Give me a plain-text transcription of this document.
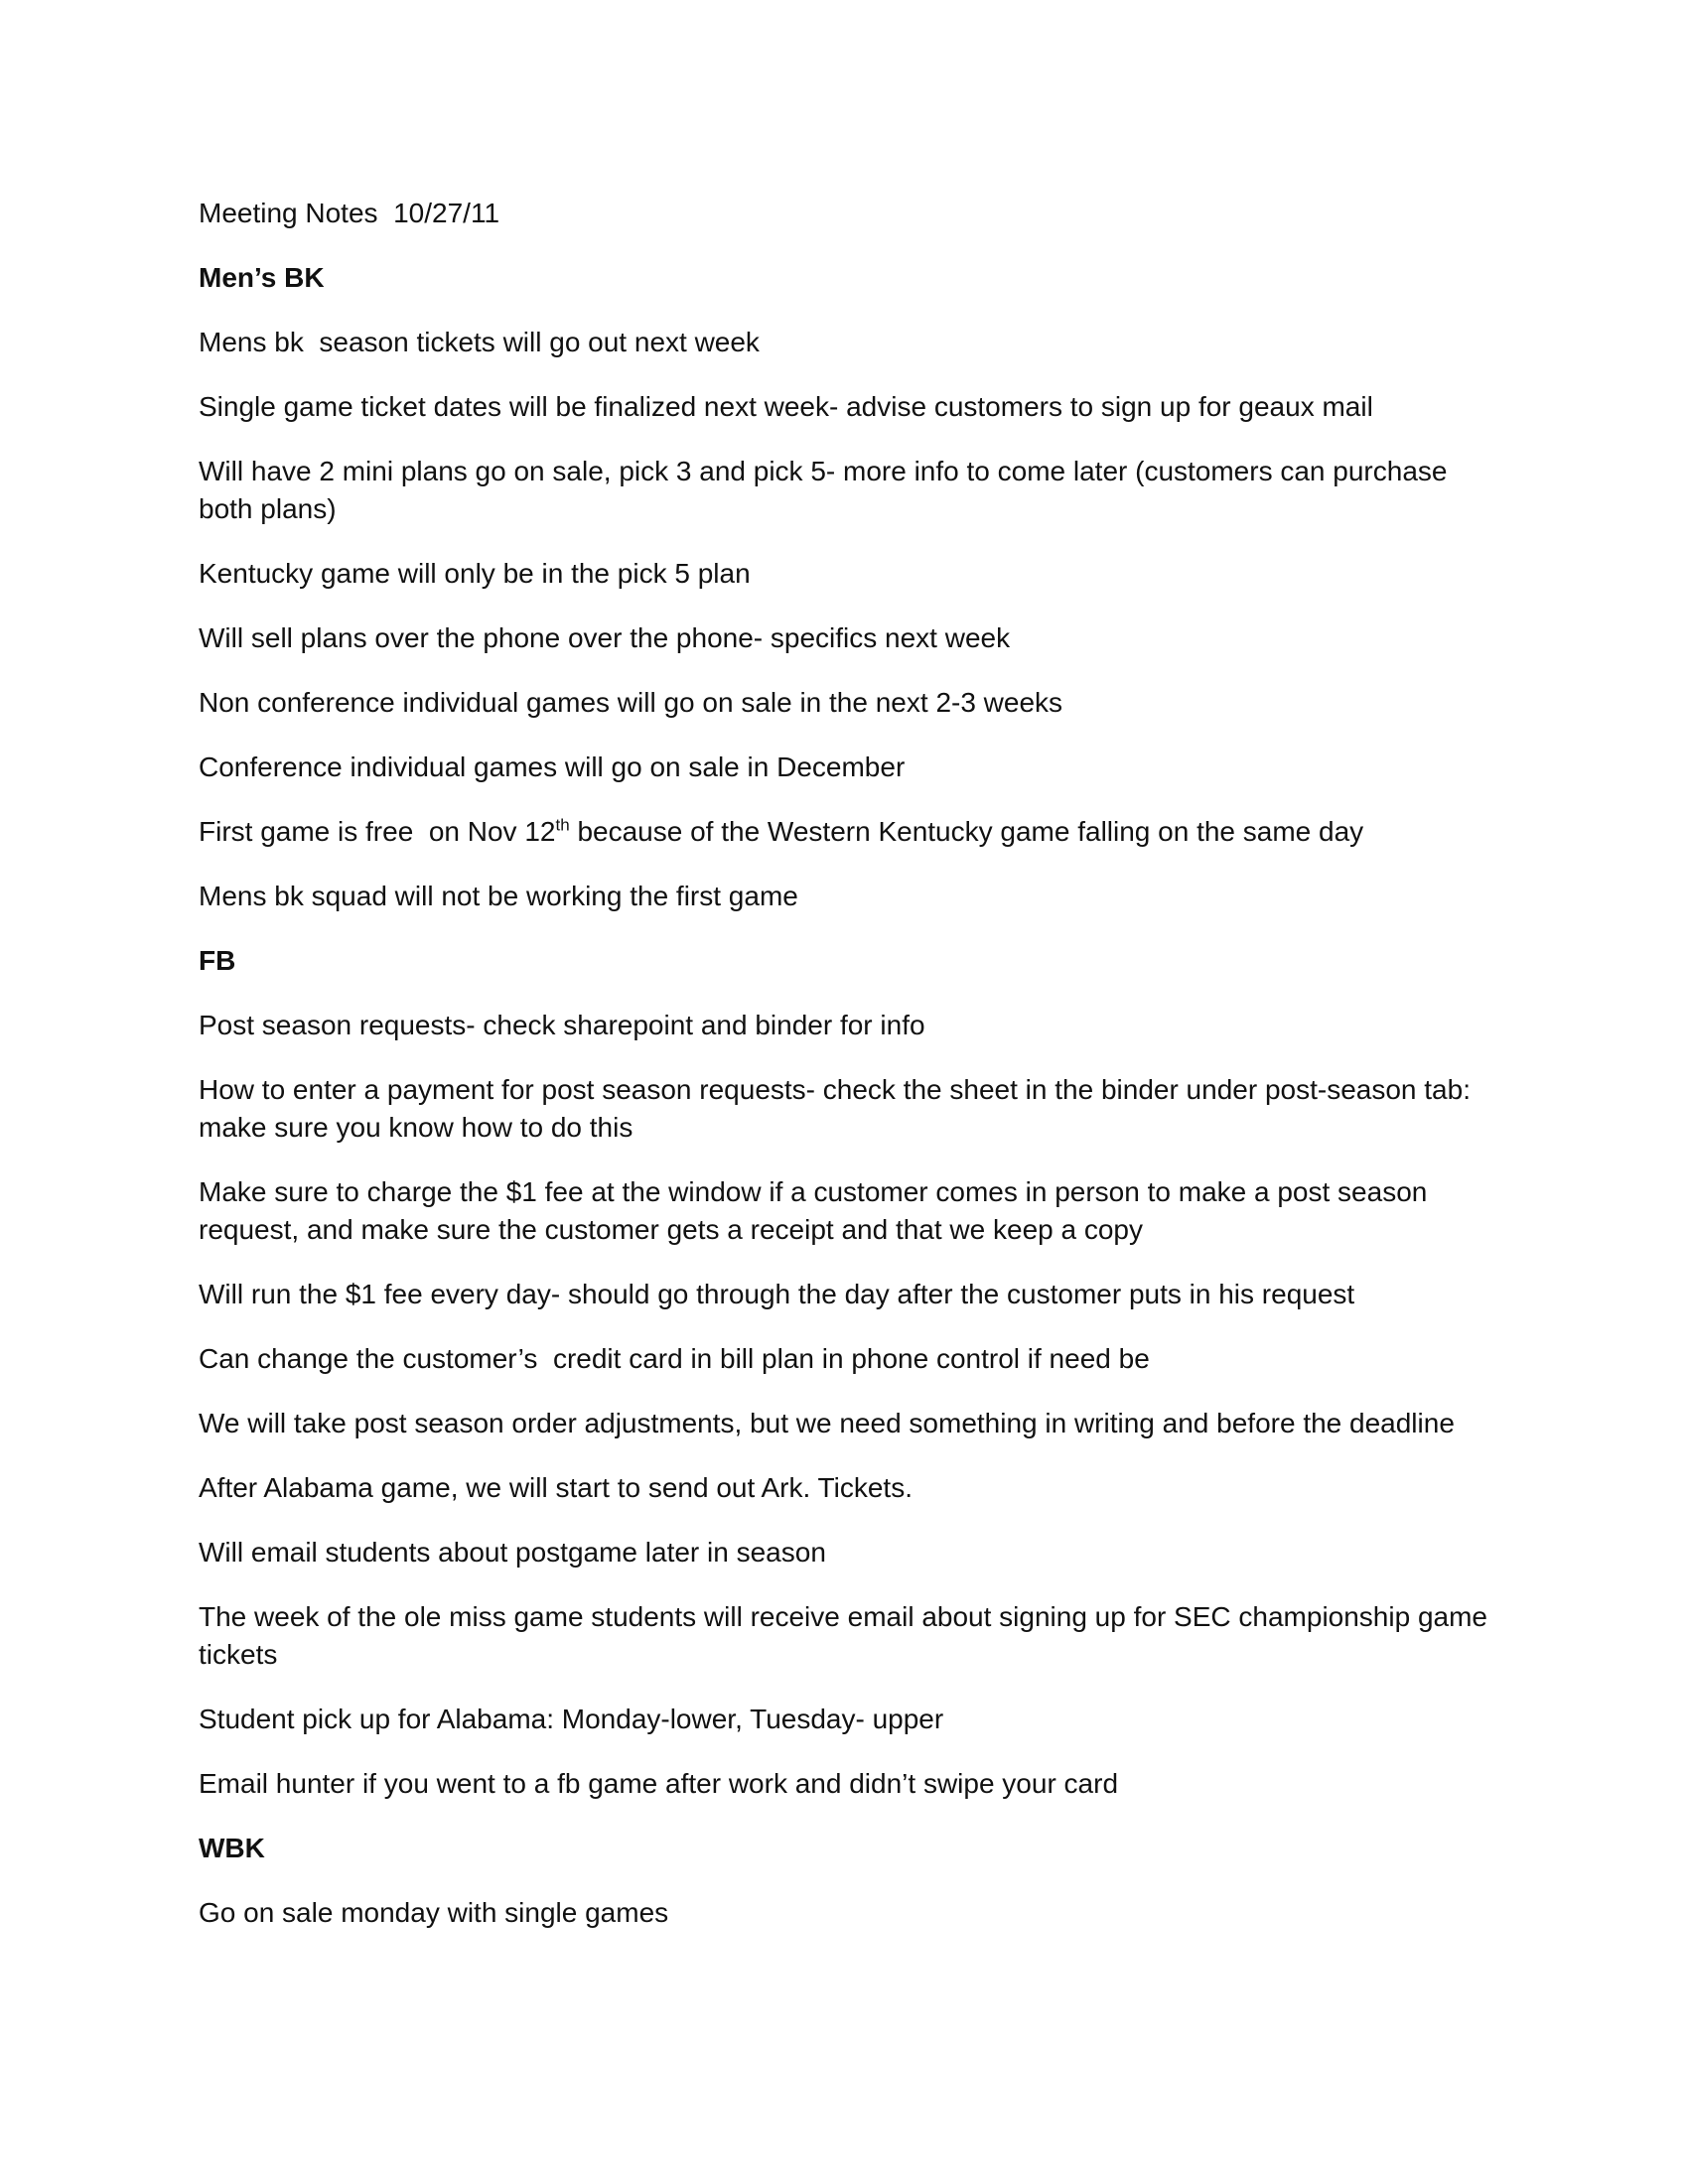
Meeting Notes  10/27/11
Men’s BK
Mens bk  season tickets will go out next week
Single game ticket dates will be finalized next week- advise customers to sign up for geaux mail
Will have 2 mini plans go on sale, pick 3 and pick 5- more info to come later (customers can purchase both plans)
Kentucky game will only be in the pick 5 plan
Will sell plans over the phone over the phone- specifics next week
Non conference individual games will go on sale in the next 2-3 weeks
Conference individual games will go on sale in December
First game is free  on Nov 12th because of the Western Kentucky game falling on the same day
Mens bk squad will not be working the first game
FB
Post season requests- check sharepoint and binder for info
How to enter a payment for post season requests- check the sheet in the binder under post-season tab: make sure you know how to do this
Make sure to charge the $1 fee at the window if a customer comes in person to make a post season request, and make sure the customer gets a receipt and that we keep a copy
Will run the $1 fee every day- should go through the day after the customer puts in his request
Can change the customer’s  credit card in bill plan in phone control if need be
We will take post season order adjustments, but we need something in writing and before the deadline
After Alabama game, we will start to send out Ark. Tickets.
Will email students about postgame later in season
The week of the ole miss game students will receive email about signing up for SEC championship game tickets
Student pick up for Alabama: Monday-lower, Tuesday- upper
Email hunter if you went to a fb game after work and didn’t swipe your card
WBK
Go on sale monday with single games
